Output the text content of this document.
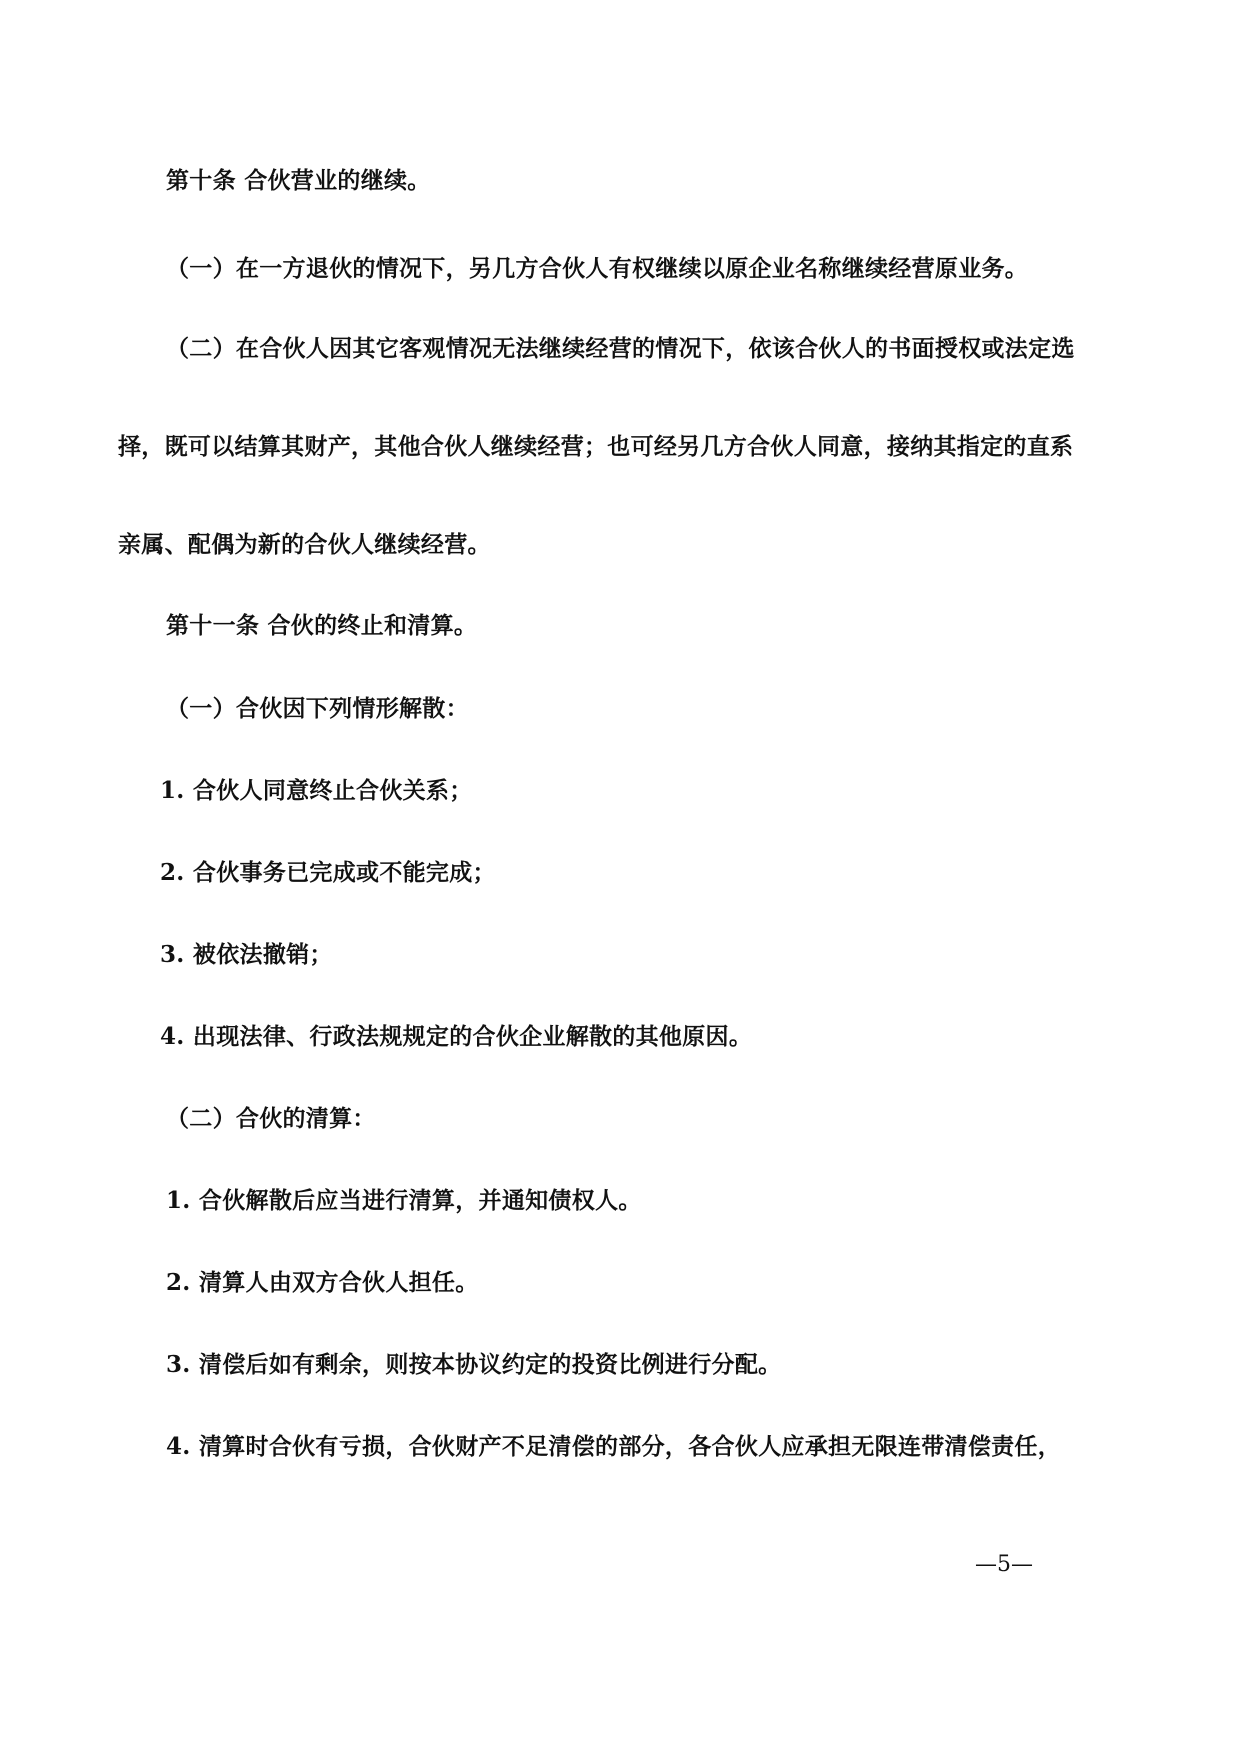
第十条 合伙营业的继续。
（一）在一方退伙的情况下，另几方合伙人有权继续以原企业名称继续经营原业务。
（二）在合伙人因其它客观情况无法继续经营的情况下，依该合伙人的书面授权或法定选
择，既可以结算其财产，其他合伙人继续经营；也可经另几方合伙人同意，接纳其指定的直系
亲属、配偶为新的合伙人继续经营。
第十一条 合伙的终止和清算。
（一）合伙因下列情形解散：
1. 合伙人同意终止合伙关系；
2. 合伙事务已完成或不能完成；
3. 被依法撤销；
4. 出现法律、行政法规规定的合伙企业解散的其他原因。
（二）合伙的清算：
1. 合伙解散后应当进行清算，并通知债权人。
2. 清算人由双方合伙人担任。
3. 清偿后如有剩余，则按本协议约定的投资比例进行分配。
4. 清算时合伙有亏损，合伙财产不足清偿的部分，各合伙人应承担无限连带清偿责任，
—5—
